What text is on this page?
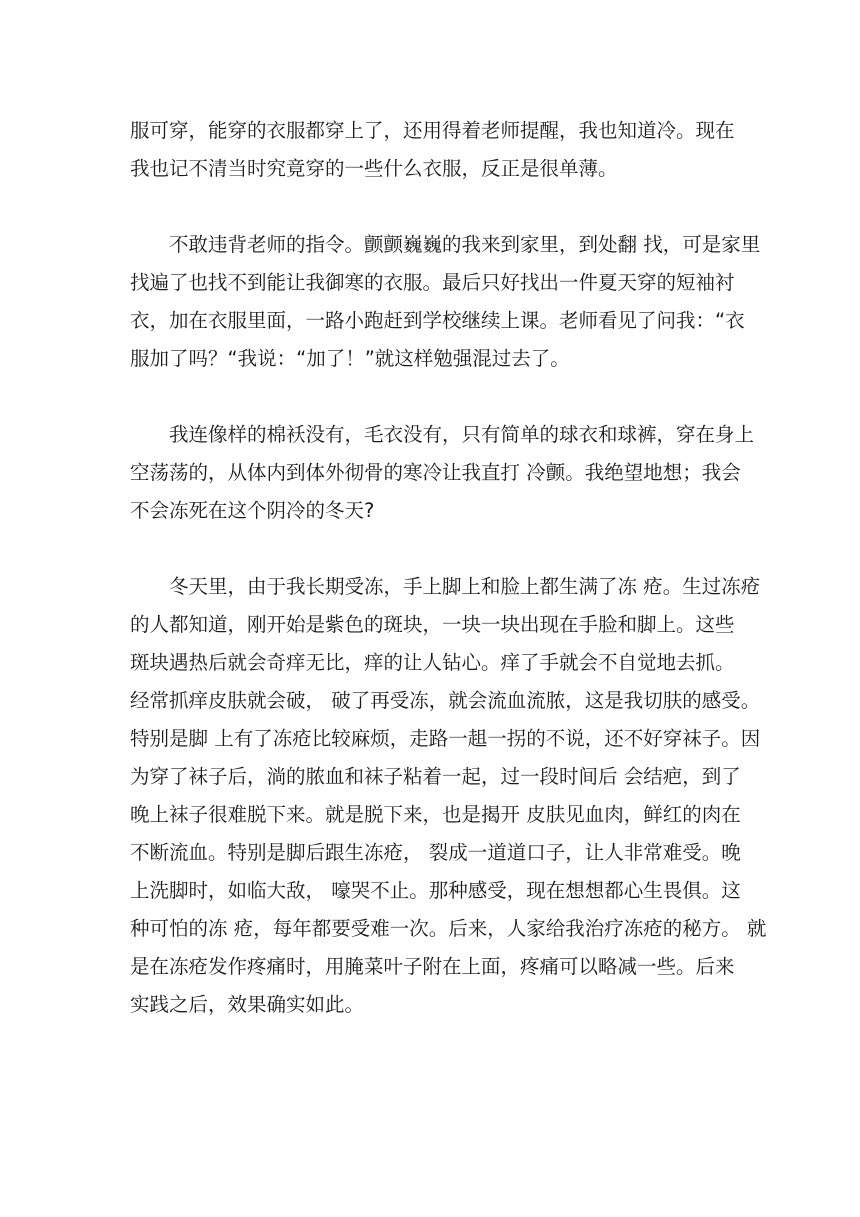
服可穿，能穿的衣服都穿上了，还用得着老师提醒，我也知道冷。现在
我也记不清当时究竟穿的一些什么衣服，反正是很单薄。

　　不敢违背老师的指令。颤颤巍巍的我来到家里，到处翻 找，可是家里
找遍了也找不到能让我御寒的衣服。最后只好找出一件夏天穿的短袖衬
衣，加在衣服里面，一路小跑赶到学校继续上课。老师看见了问我：“衣
服加了吗？“我说：“加了！”就这样勉强混过去了。

　　我连像样的棉袄没有，毛衣没有，只有简单的球衣和球裤，穿在身上
空荡荡的，从体内到体外彻骨的寒冷让我直打 冷颤。我绝望地想；我会
不会冻死在这个阴冷的冬天?

　　冬天里，由于我长期受冻，手上脚上和脸上都生满了冻 疮。生过冻疮
的人都知道，刚开始是紫色的斑块，一块一块出现在手脸和脚上。这些
斑块遇热后就会奇痒无比，痒的让人钻心。痒了手就会不自觉地去抓。
经常抓痒皮肤就会破， 破了再受冻，就会流血流脓，这是我切肤的感受。
特别是脚 上有了冻疮比较麻烦，走路一趄一拐的不说，还不好穿袜子。因
为穿了袜子后，淌的脓血和袜子粘着一起，过一段时间后 会结疤，到了
晚上袜子很难脱下来。就是脱下来，也是揭开 皮肤见血肉，鲜红的肉在
不断流血。特别是脚后跟生冻疮， 裂成一道道口子，让人非常难受。晚
上洗脚时，如临大敌， 嚎哭不止。那种感受，现在想想都心生畏俱。这
种可怕的冻 疮，每年都要受难一次。后来，人家给我治疗冻疮的秘方。 就
是在冻疮发作疼痛时，用腌菜叶子附在上面，疼痛可以略减一些。后来
实践之后，效果确实如此。
